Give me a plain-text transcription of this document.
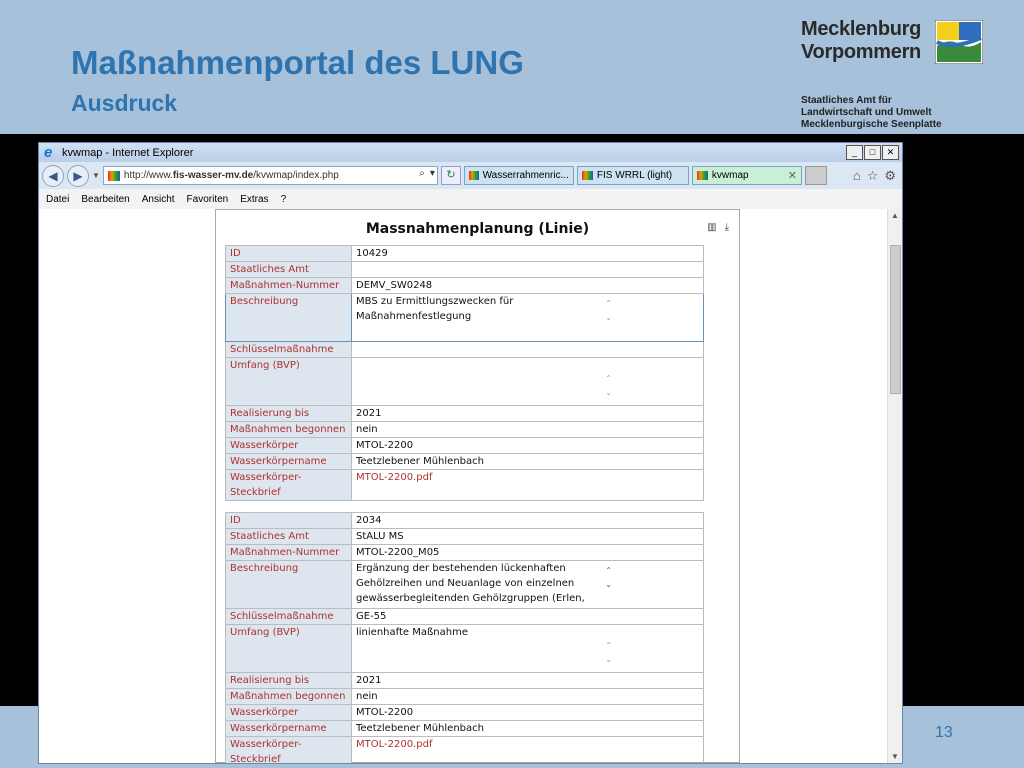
Maßnahmenportal des LUNG
Ausdruck
Mecklenburg
Vorpommern
Staatliches Amt für
Landwirtschaft und Umwelt
Mecklenburgische Seenplatte
13
e kvwmap - Internet Explorer	_	□	✕
◀	▶	▼ http://www. fis-wasser-mv.de /kvwmap/index.php	⌕ ▾	↻	Wasserrahmenric...	FIS WRRL (light)	kvwmap	✕	⌂ ☆ ⚙
Datei Bearbeiten Ansicht Favoriten Extras ?
Massnahmenplanung (Linie)	▥ ⤓
ID	10429
Staatliches Amt	
Maßnahmen-Nummer	DEMV_SW0248
Beschreibung	MBS zu Ermittlungszwecken für
Maßnahmenfestlegung
⌃
⌄

Schlüsselmaßnahme	
Umfang (BVP)	⌃
⌄

Realisierung bis	2021
Maßnahmen begonnen	nein
Wasserkörper	MTOL-2200
Wasserkörpername	Teetzlebener Mühlenbach
Wasserkörper-Steckbrief	MTOL-2200.pdf
ID	2034
Staatliches Amt	StALU MS
Maßnahmen-Nummer	MTOL-2200_M05
Beschreibung	Ergänzung der bestehenden lückenhaften
Gehölzreihen und Neuanlage von einzelnen
gewässerbegleitenden Gehölzgruppen (Erlen,
⌃
⌄

Schlüsselmaßnahme	GE-55
Umfang (BVP)	linienhafte Maßnahme
⌃
⌄

Realisierung bis	2021
Maßnahmen begonnen	nein
Wasserkörper	MTOL-2200
Wasserkörpername	Teetzlebener Mühlenbach
Wasserkörper-Steckbrief	MTOL-2200.pdf
▲
▼
